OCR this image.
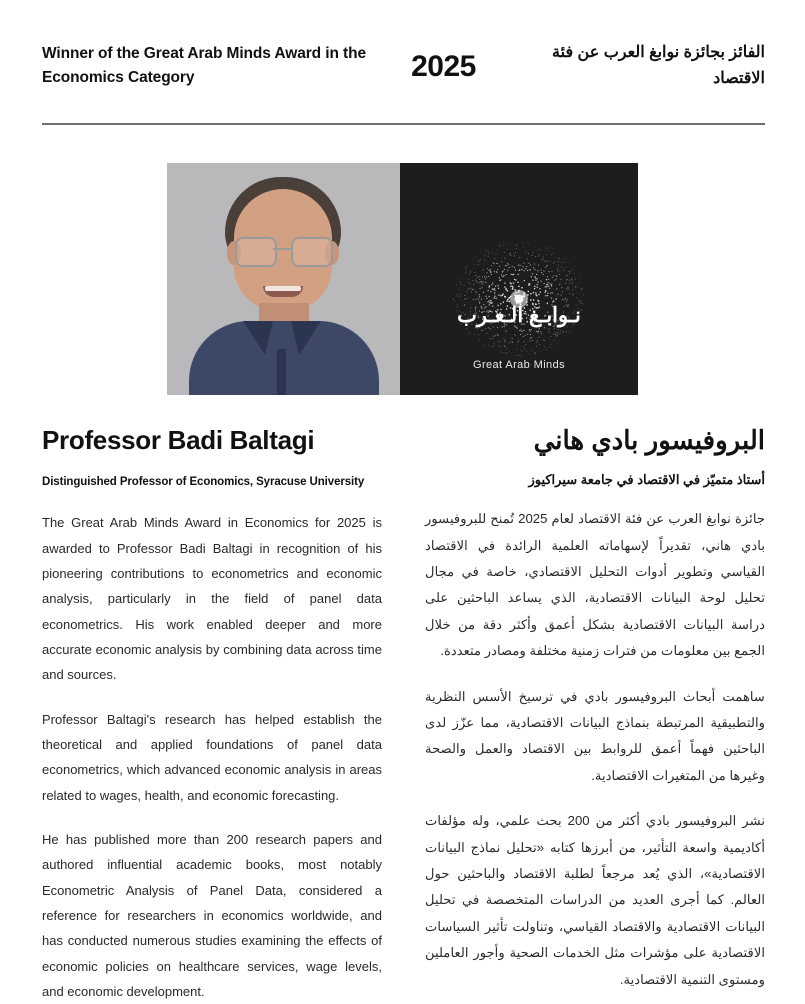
Winner of the Great Arab Minds Award in the Economics Category	2025	الفائز بجائزة نوابغ العرب عن فئة الاقتصاد
نـوابـغ الـعـرب
Great Arab Minds
Professor Badi Baltagi
Distinguished Professor of Economics, Syracuse University

The Great Arab Minds Award in Economics for 2025 is awarded to Professor Badi Baltagi in recognition of his pioneering contributions to econometrics and economic analysis, particularly in the field of panel data econometrics. His work enabled deeper and more accurate economic analysis by combining data across time and sources.

Professor Baltagi's research has helped establish the theoretical and applied foundations of panel data econometrics, which advanced economic analysis in areas related to wages, health, and economic forecasting.

He has published more than 200 research papers and authored influential academic books, most notably Econometric Analysis of Panel Data, considered a reference for researchers in economics worldwide, and has conducted numerous studies examining the effects of economic policies on healthcare services, wage levels, and economic development.

البروفيسور بادي هاني
أستاذ متميّز في الاقتصاد في جامعة سيراكيوز

جائزة نوابغ العرب عن فئة الاقتصاد لعام 2025 تُمنح للبروفيسور بادي هاني، تقديراً لإسهاماته العلمية الرائدة في الاقتصاد القياسي وتطوير أدوات التحليل الاقتصادي، خاصة في مجال تحليل لوحة البيانات الاقتصادية، الذي يساعد الباحثين على دراسة البيانات الاقتصادية بشكل أعمق وأكثر دقة من خلال الجمع بين معلومات من فترات زمنية مختلفة ومصادر متعددة.

ساهمت أبحاث البروفيسور بادي في ترسيخ الأسس النظرية والتطبيقية المرتبطة بنماذج البيانات الاقتصادية، مما عزّز لدى الباحثين فهماً أعمق للروابط بين الاقتصاد والعمل والصحة وغيرها من المتغيرات الاقتصادية.

نشر البروفيسور بادي أكثر من 200 بحث علمي، وله مؤلفات أكاديمية واسعة التأثير، من أبرزها كتابه «تحليل نماذج البيانات الاقتصادية»، الذي يُعد مرجعاً لطلبة الاقتصاد والباحثين حول العالم. كما أجرى العديد من الدراسات المتخصصة في تحليل البيانات الاقتصادية والاقتصاد القياسي، وتناولت تأثير السياسات الاقتصادية على مؤشرات مثل الخدمات الصحية وأجور العاملين ومستوى التنمية الاقتصادية.
